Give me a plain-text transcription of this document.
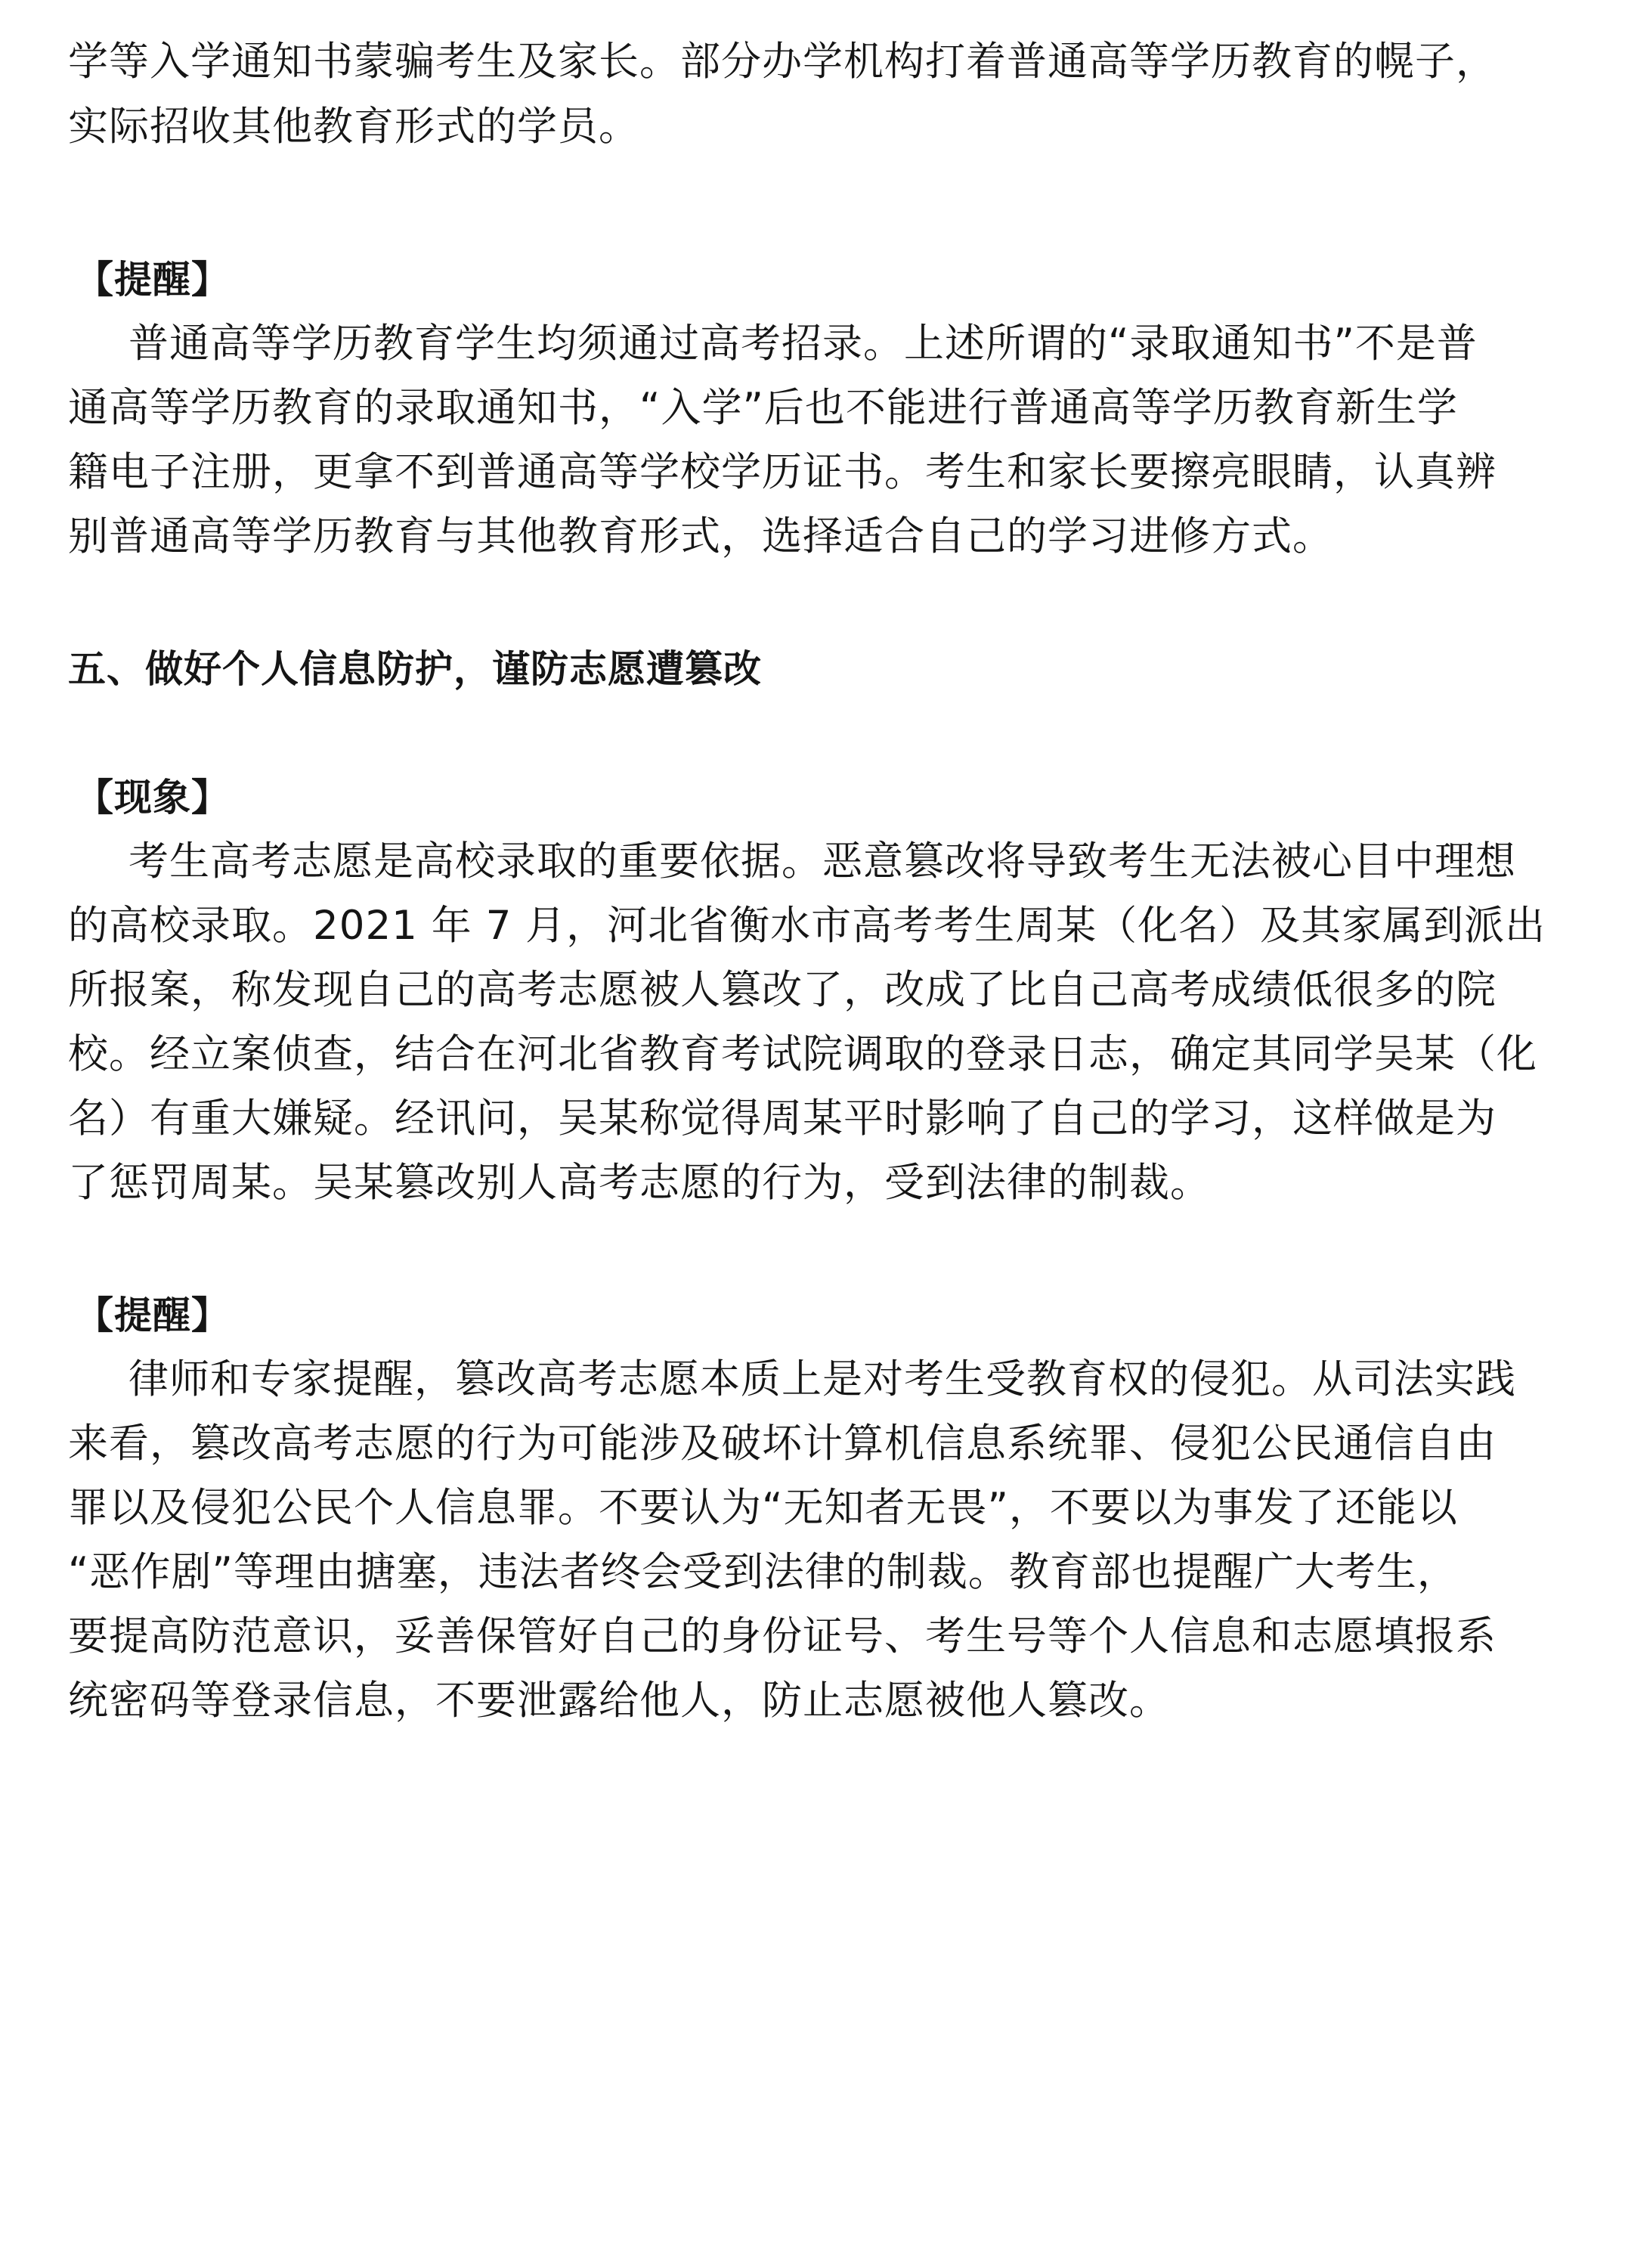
学等入学通知书蒙骗考生及家长。部分办学机构打着普通高等学历教育的幌子，
实际招收其他教育形式的学员。
【提醒】
普通高等学历教育学生均须通过高考招录。上述所谓的“录取通知书”不是普
通高等学历教育的录取通知书，“入学”后也不能进行普通高等学历教育新生学
籍电子注册，更拿不到普通高等学校学历证书。考生和家长要擦亮眼睛，认真辨
别普通高等学历教育与其他教育形式，选择适合自己的学习进修方式。
五、做好个人信息防护，谨防志愿遭篡改
【现象】
考生高考志愿是高校录取的重要依据。恶意篡改将导致考生无法被心目中理想
的高校录取。2021 年 7 月，河北省衡水市高考考生周某（化名）及其家属到派出
所报案，称发现自己的高考志愿被人篡改了，改成了比自己高考成绩低很多的院
校。经立案侦查，结合在河北省教育考试院调取的登录日志，确定其同学吴某（化
名）有重大嫌疑。经讯问，吴某称觉得周某平时影响了自己的学习，这样做是为
了惩罚周某。吴某篡改别人高考志愿的行为，受到法律的制裁。
【提醒】
律师和专家提醒，篡改高考志愿本质上是对考生受教育权的侵犯。从司法实践
来看，篡改高考志愿的行为可能涉及破坏计算机信息系统罪、侵犯公民通信自由
罪以及侵犯公民个人信息罪。不要认为“无知者无畏”，不要以为事发了还能以
“恶作剧”等理由搪塞，违法者终会受到法律的制裁。教育部也提醒广大考生，
要提高防范意识，妥善保管好自己的身份证号、考生号等个人信息和志愿填报系
统密码等登录信息，不要泄露给他人，防止志愿被他人篡改。
